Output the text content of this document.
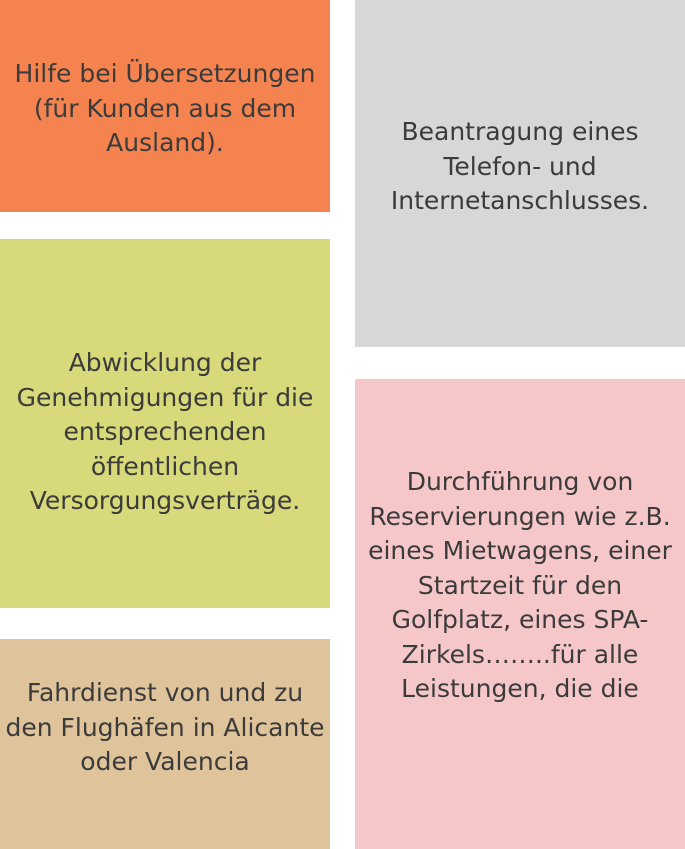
Hilfe bei Übersetzungen (für Kunden aus dem Ausland).	Beantragung eines Telefon- und Internetanschlusses.
Abwicklung der Genehmigungen für die entsprechenden öffentlichen Versorgungsverträge.
Durchführung von Reservierungen wie z.B. eines Mietwagens, einer Startzeit für den Golfplatz, eines SPA-Zirkels……..für alle Leistungen, die die
Fahrdienst von und zu den Flughäfen in Alicante oder Valencia
